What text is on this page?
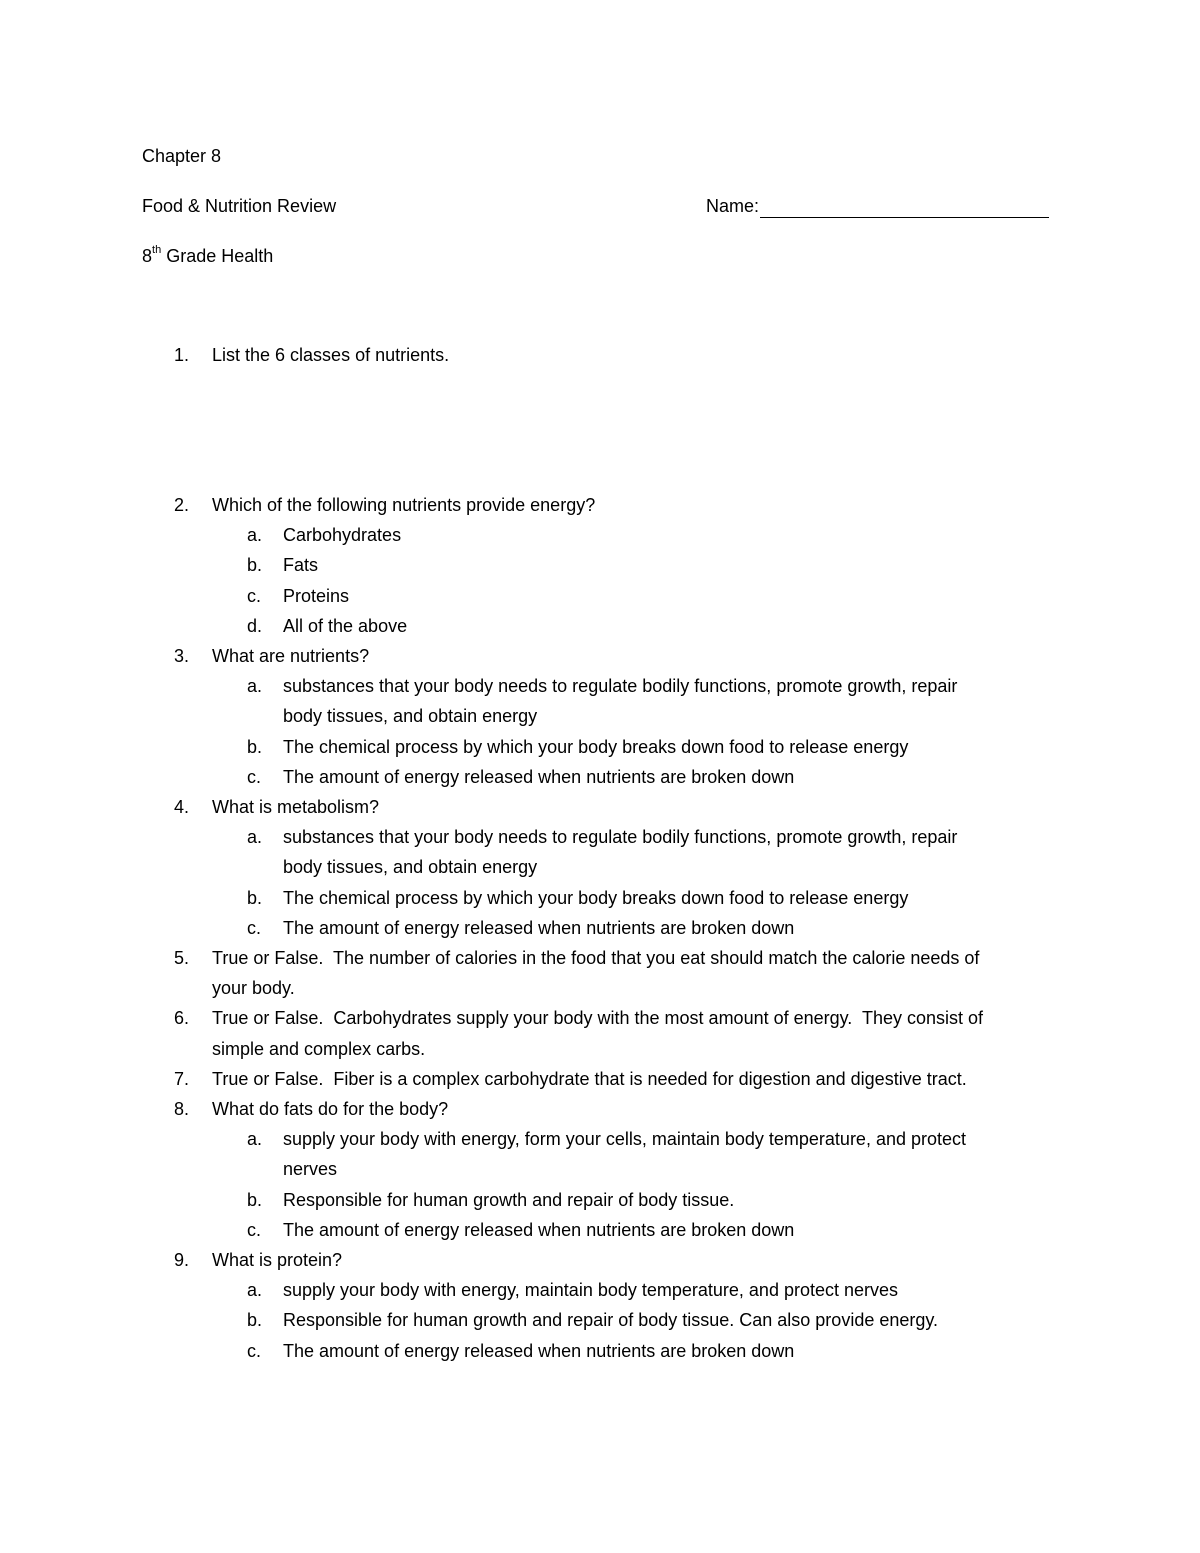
Chapter 8
Food & Nutrition Review	Name:
8th Grade Health
1.	List the 6 classes of nutrients.
2.	Which of the following nutrients provide energy?
a.	Carbohydrates
b.	Fats
c.	Proteins
d.	All of the above
3.	What are nutrients?
a.	substances that your body needs to regulate bodily functions, promote growth, repair
body tissues, and obtain energy
b.	The chemical process by which your body breaks down food to release energy
c.	The amount of energy released when nutrients are broken down
4.	What is metabolism?
a.	substances that your body needs to regulate bodily functions, promote growth, repair
body tissues, and obtain energy
b.	The chemical process by which your body breaks down food to release energy
c.	The amount of energy released when nutrients are broken down
5.	True or False.  The number of calories in the food that you eat should match the calorie needs of
your body.
6.	True or False.  Carbohydrates supply your body with the most amount of energy.  They consist of
simple and complex carbs.
7.	True or False.  Fiber is a complex carbohydrate that is needed for digestion and digestive tract.
8.	What do fats do for the body?
a.	supply your body with energy, form your cells, maintain body temperature, and protect
nerves
b.	Responsible for human growth and repair of body tissue.
c.	The amount of energy released when nutrients are broken down
9.	What is protein?
a.	supply your body with energy, maintain body temperature, and protect nerves
b.	Responsible for human growth and repair of body tissue. Can also provide energy.
c.	The amount of energy released when nutrients are broken down
